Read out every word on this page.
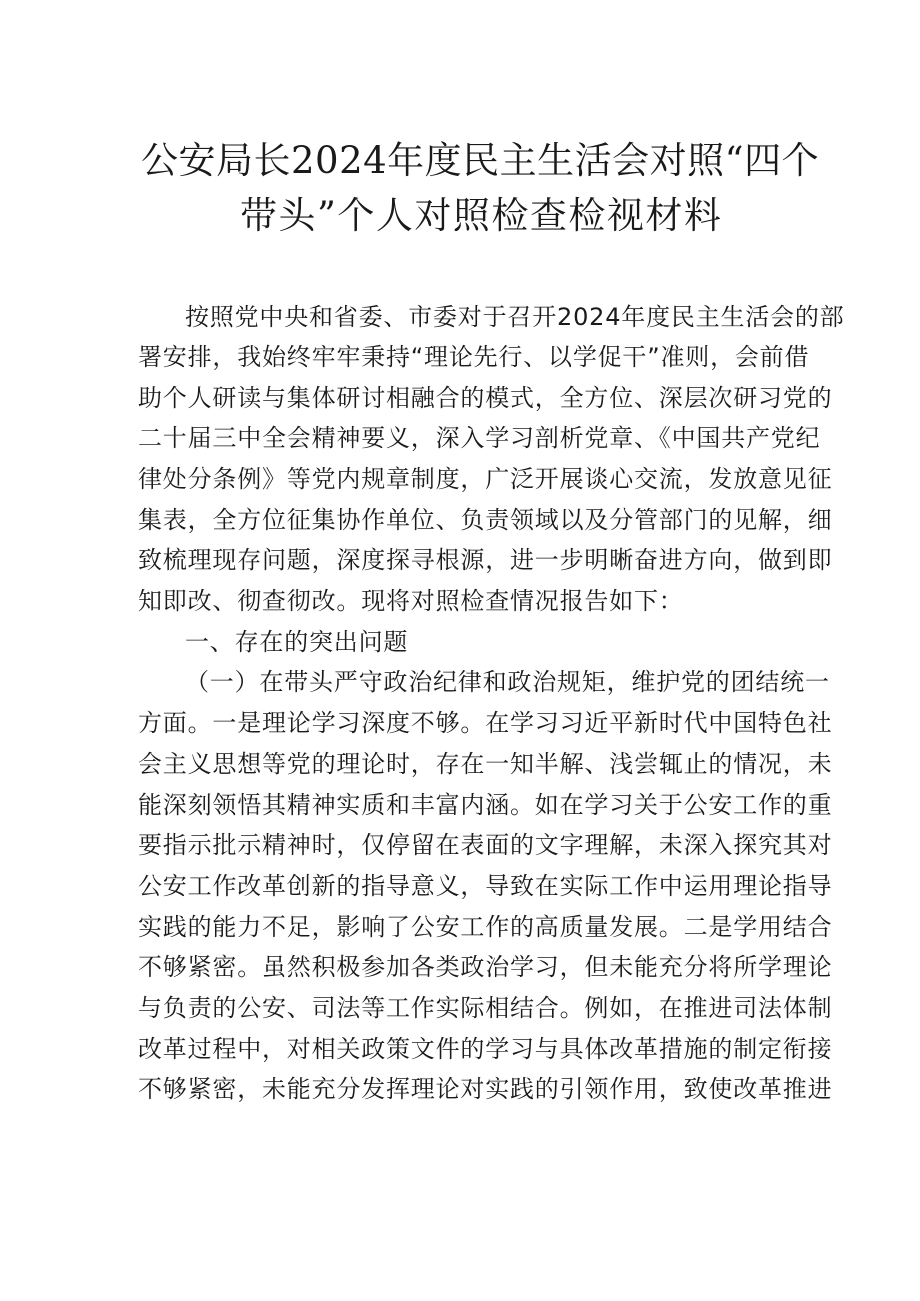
公安局长2024年度民主生活会对照“四个
带头”个人对照检查检视材料
按照党中央和省委、市委对于召开2024年度民主生活会的部
署安排，我始终牢牢秉持“理论先行、以学促干”准则，会前借
助个人研读与集体研讨相融合的模式，全方位、深层次研习党的
二十届三中全会精神要义，深入学习剖析党章、《中国共产党纪
律处分条例》等党内规章制度，广泛开展谈心交流，发放意见征
集表，全方位征集协作单位、负责领域以及分管部门的见解，细
致梳理现存问题，深度探寻根源，进一步明晰奋进方向，做到即
知即改、彻查彻改。现将对照检查情况报告如下：
一、存在的突出问题
（一）在带头严守政治纪律和政治规矩，维护党的团结统一
方面。一是理论学习深度不够。在学习习近平新时代中国特色社
会主义思想等党的理论时，存在一知半解、浅尝辄止的情况，未
能深刻领悟其精神实质和丰富内涵。如在学习关于公安工作的重
要指示批示精神时，仅停留在表面的文字理解，未深入探究其对
公安工作改革创新的指导意义，导致在实际工作中运用理论指导
实践的能力不足，影响了公安工作的高质量发展。二是学用结合
不够紧密。虽然积极参加各类政治学习，但未能充分将所学理论
与负责的公安、司法等工作实际相结合。例如，在推进司法体制
改革过程中，对相关政策文件的学习与具体改革措施的制定衔接
不够紧密，未能充分发挥理论对实践的引领作用，致使改革推进
